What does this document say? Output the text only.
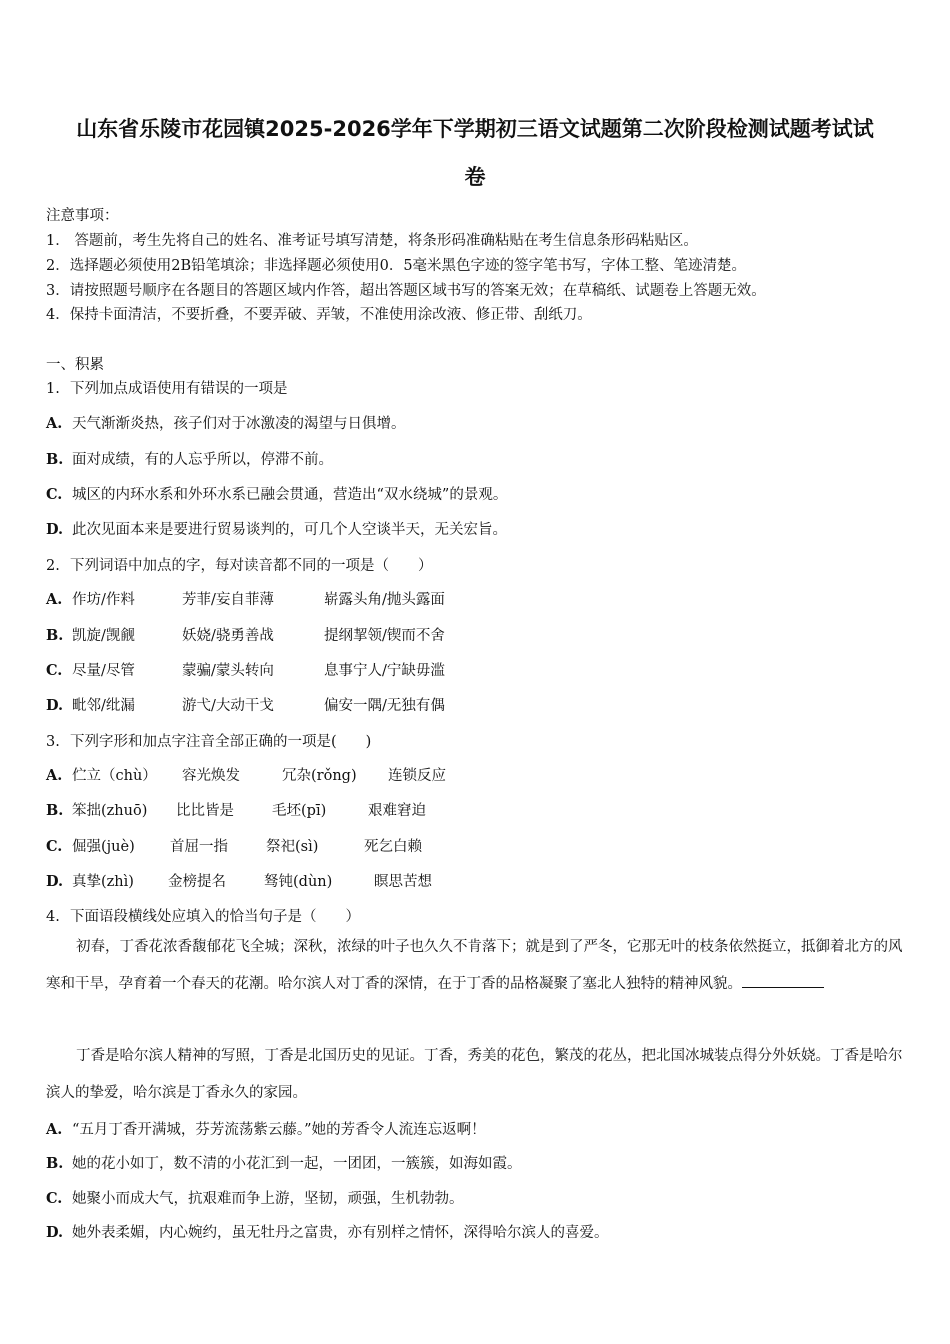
山东省乐陵市花园镇2025-2026学年下学期初三语文试题第二次阶段检测试题考试试
卷
注意事项：
1． 答题前，考生先将自己的姓名、准考证号填写清楚，将条形码准确粘贴在考生信息条形码粘贴区。
2．选择题必须使用2B铅笔填涂；非选择题必须使用0．5毫米黑色字迹的签字笔书写，字体工整、笔迹清楚。
3．请按照题号顺序在各题目的答题区域内作答，超出答题区域书写的答案无效；在草稿纸、试题卷上答题无效。
4．保持卡面清洁，不要折叠，不要弄破、弄皱，不准使用涂改液、修正带、刮纸刀。
一、积累
1. 下列加点成语使用有错误的一项是
A. 天气渐渐炎热，孩子们对于冰激凌的渴望与日俱增。
B. 面对成绩，有的人忘乎所以，停滞不前。
C. 城区的内环水系和外环水系已融会贯通，营造出“双水绕城”的景观。
D. 此次见面本来是要进行贸易谈判的，可几个人空谈半天，无关宏旨。
2. 下列词语中加点的字，每对读音都不同的一项是（　　）
A. 作坊/作料	芳菲/妄自菲薄	崭露头角/抛头露面
B. 凯旋/觊觎	妖娆/骁勇善战	提纲挈领/锲而不舍
C. 尽量/尽管	蒙骗/蒙头转向	息事宁人/宁缺毋滥
D. 毗邻/纰漏	游弋/大动干戈	偏安一隅/无独有偶
3. 下列字形和加点字注音全部正确的一项是(　　)
A. 伫立（chù） 容光焕发	冗杂(rǒng) 连锁反应
B. 笨拙(zhuō) 比比皆是	毛坯(pī)	艰难窘迫
C. 倔强(juè) 首屈一指	祭祀(sì)	死乞白赖
D. 真挚(zhì) 金榜提名	驽钝(dùn)	瞑思苦想
4. 下面语段横线处应填入的恰当句子是（　　）
初春，丁香花浓香馥郁花飞全城；深秋，浓绿的叶子也久久不肯落下；就是到了严冬，它那无叶的枝条依然挺立，抵御着北方的风寒和干旱，孕育着一个春天的花潮。哈尔滨人对丁香的深情，在于丁香的品格凝聚了塞北人独特的精神风貌。
丁香是哈尔滨人精神的写照，丁香是北国历史的见证。丁香，秀美的花色，繁茂的花丛，把北国冰城装点得分外妖娆。丁香是哈尔滨人的挚爱，哈尔滨是丁香永久的家园。
A. “五月丁香开满城，芬芳流荡紫云藤。”她的芳香令人流连忘返啊！
B. 她的花小如丁，数不清的小花汇到一起，一团团，一簇簇，如海如霞。
C. 她聚小而成大气，抗艰难而争上游，坚韧，顽强，生机勃勃。
D. 她外表柔媚，内心婉约，虽无牡丹之富贵，亦有别样之情怀，深得哈尔滨人的喜爱。
